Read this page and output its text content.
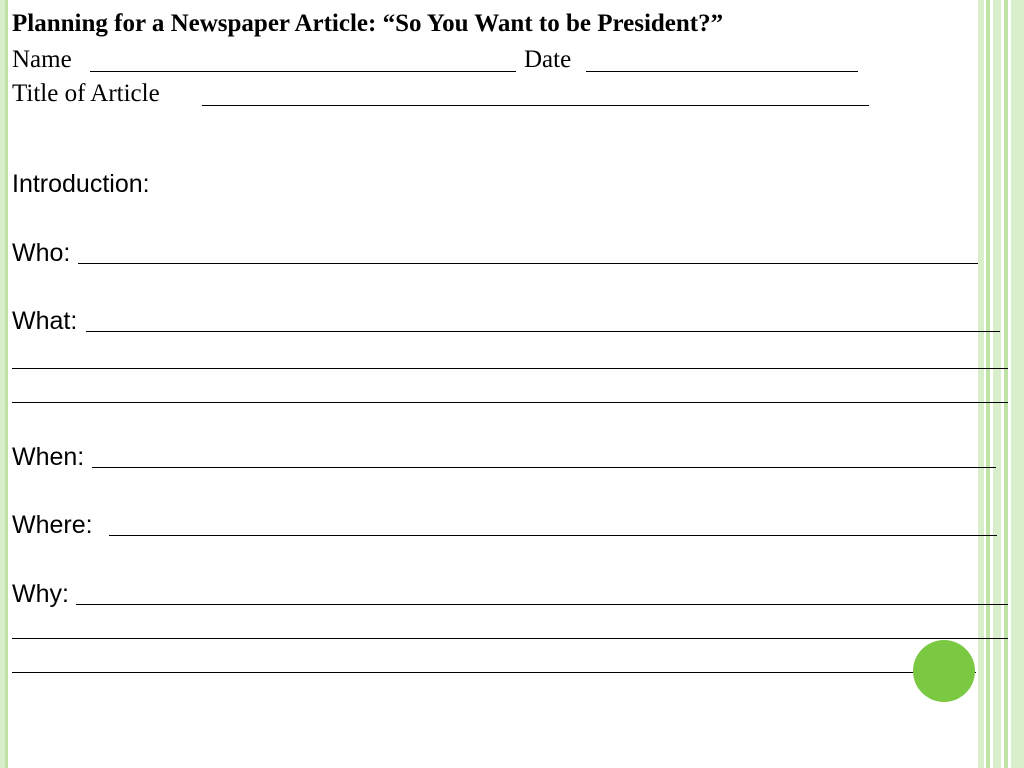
Planning for a Newspaper Article: “So You Want to be President?”
Name	Date
Title of Article
Introduction:
Who:
What:
When:
Where:
Why:
